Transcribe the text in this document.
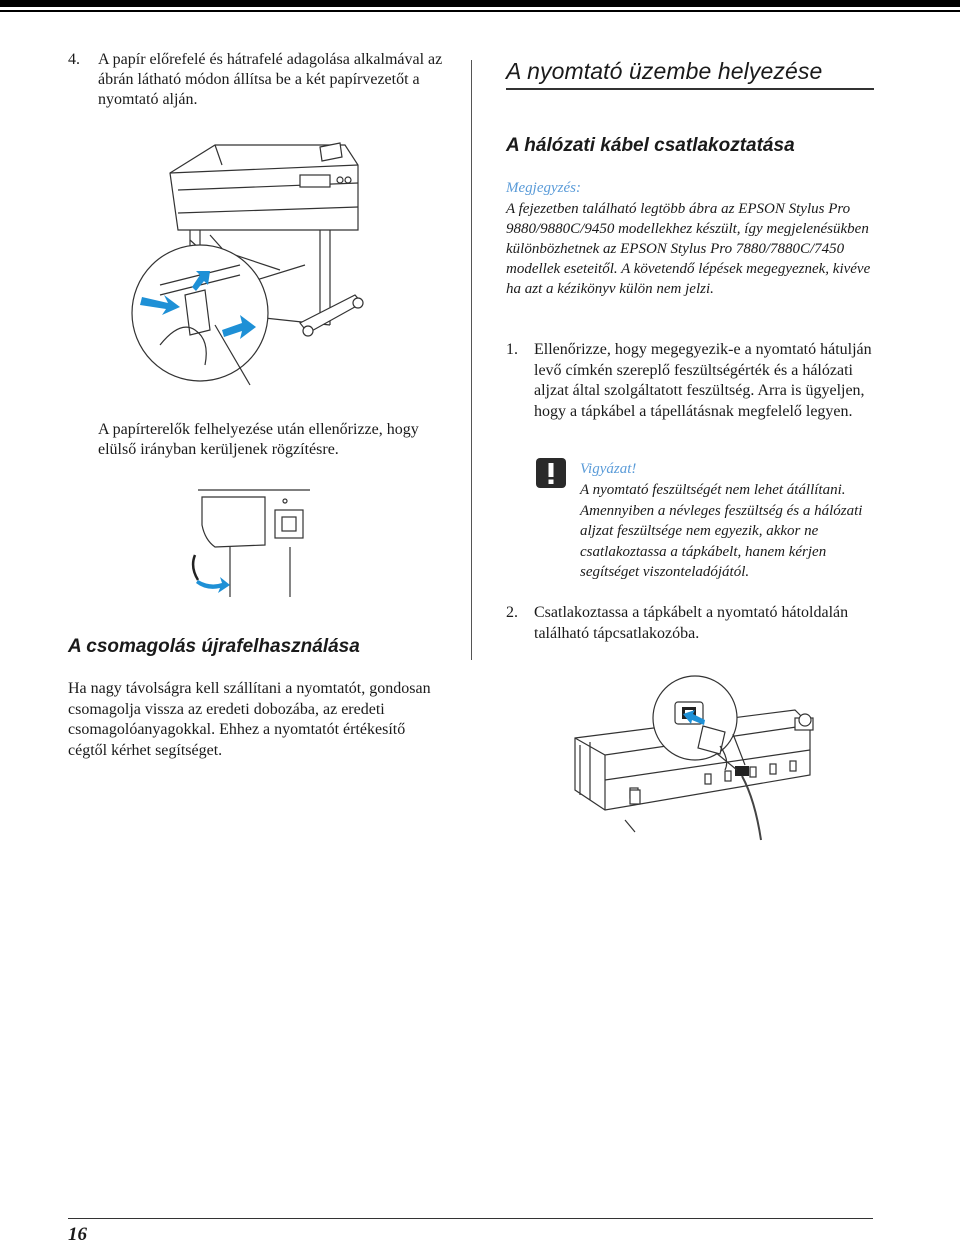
4. A papír előrefelé és hátrafelé adagolása alkalmával az ábrán látható módon állítsa be a két papírvezetőt a nyomtató alján.
A papírterelők felhelyezése után ellenőrizze, hogy elülső irányban kerüljenek rögzítésre.
A csomagolás újrafelhasználása
Ha nagy távolságra kell szállítani a nyomtatót, gondosan csomagolja vissza az eredeti dobozába, az eredeti csomagolóanyagokkal. Ehhez a nyomtatót értékesítő cégtől kérhet segítséget.
A nyomtató üzembe helyezése
A hálózati kábel csatlakoztatása
Megjegyzés:
A fejezetben található legtöbb ábra az EPSON Stylus Pro 9880/9880C/9450 modellekhez készült, így megjelenésükben különbözhetnek az EPSON Stylus Pro 7880/7880C/7450 modellek eseteitől. A követendő lépések megegyeznek, kivéve ha azt a kézikönyv külön nem jelzi.
1. Ellenőrizze, hogy megegyezik-e a nyomtató hátulján levő címkén szereplő feszültségérték és a hálózati aljzat által szolgáltatott feszültség. Arra is ügyeljen, hogy a tápkábel a tápellátásnak megfelelő legyen.
Vigyázat!
A nyomtató feszültségét nem lehet átállítani. Amennyiben a névleges feszültség és a hálózati aljzat feszültsége nem egyezik, akkor ne csatlakoztassa a tápkábelt, hanem kérjen segítséget viszonteladójától.
2. Csatlakoztassa a tápkábelt a nyomtató hátoldalán található tápcsatlakozóba.
16
